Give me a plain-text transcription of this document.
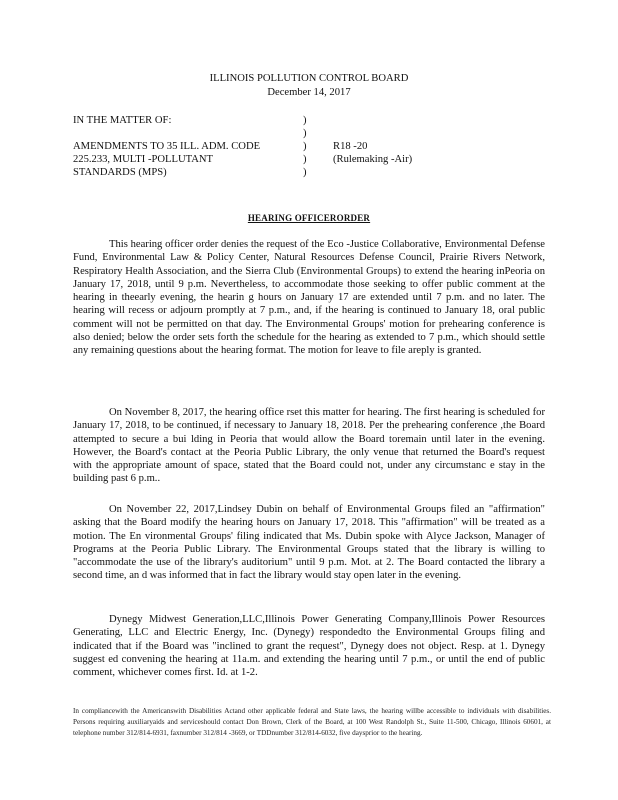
ILLINOIS POLLUTION CONTROL BOARD
December 14, 2017
IN THE MATTER OF:	)
)
AMENDMENTS TO 35 ILL. ADM. CODE	)	R18 -20
225.233, MULTI -POLLUTANT	)	(Rulemaking -Air)
STANDARDS (MPS)	)
HEARING OFFICERORDER

This hearing officer order denies the request of the Eco -Justice Collaborative, Environmental Defense Fund, Environmental Law & Policy Center, Natural Resources Defense Council, Prairie Rivers Network, Respiratory Health Association, and the Sierra Club (Environmental Groups) to extend the hearing inPeoria on January 17, 2018, until 9 p.m. Nevertheless, to accommodate those seeking to offer public comment at the hearing in theearly evening, the hearin g hours on January 17 are extended until 7 p.m. and no later. The hearing will recess or adjourn promptly at 7 p.m., and, if the hearing is continued to January 18, oral public comment will not be permitted on that day. The Environmental Groups' motion for prehearing conference is also denied; below the order sets forth the schedule for the hearing as extended to 7 p.m., which should settle any remaining questions about the hearing format. The motion for leave to file areply is granted.

On November 8, 2017, the hearing office rset this matter for hearing. The first hearing is scheduled for January 17, 2018, to be continued, if necessary to January 18, 2018. Per the prehearing conference ,the Board attempted to secure a bui lding in Peoria that would allow the Board toremain until later in the evening. However, the Board's contact at the Peoria Public Library, the only venue that returned the Board's request with the appropriate amount of space, stated that the Board could not, under any circumstanc e stay in the building past 6 p.m..

On November 22, 2017,Lindsey Dubin on behalf of Environmental Groups filed an "affirmation" asking that the Board modify the hearing hours on January 17, 2018. This "affirmation" will be treated as a motion. The En vironmental Groups' filing indicated that Ms. Dubin spoke with Alyce Jackson, Manager of Programs at the Peoria Public Library. The Environmental Groups stated that the library is willing to "accommodate the use of the library's auditorium" until 9 p.m. Mot. at 2. The Board contacted the library a second time, an d was informed that in fact the library would stay open later in the evening.

Dynegy Midwest Generation,LLC,Illinois Power Generating Company,Illinois Power Resources Generating, LLC and Electric Energy, Inc. (Dynegy) respondedto the Environmental Groups filing and indicated that if the Board was "inclined to grant the request", Dynegy does not object. Resp. at 1. Dynegy suggest ed convening the hearing at 11a.m. and extending the hearing until 7 p.m., or until the end of public comment, whichever comes first. Id. at 1-2.

In compliancewith the Americanswith Disabilities Actand other applicable federal and State laws, the hearing willbe accessible to individuals with disabilities. Persons requiring auxiliaryaids and serviceshould contact Don Brown, Clerk of the Board, at 100 West Randolph St., Suite 11-500, Chicago, Illinois 60601, at telephone number 312/814-6931, faxnumber 312/814 -3669, or TDDnumber 312/814-6032, five daysprior to the hearing.
